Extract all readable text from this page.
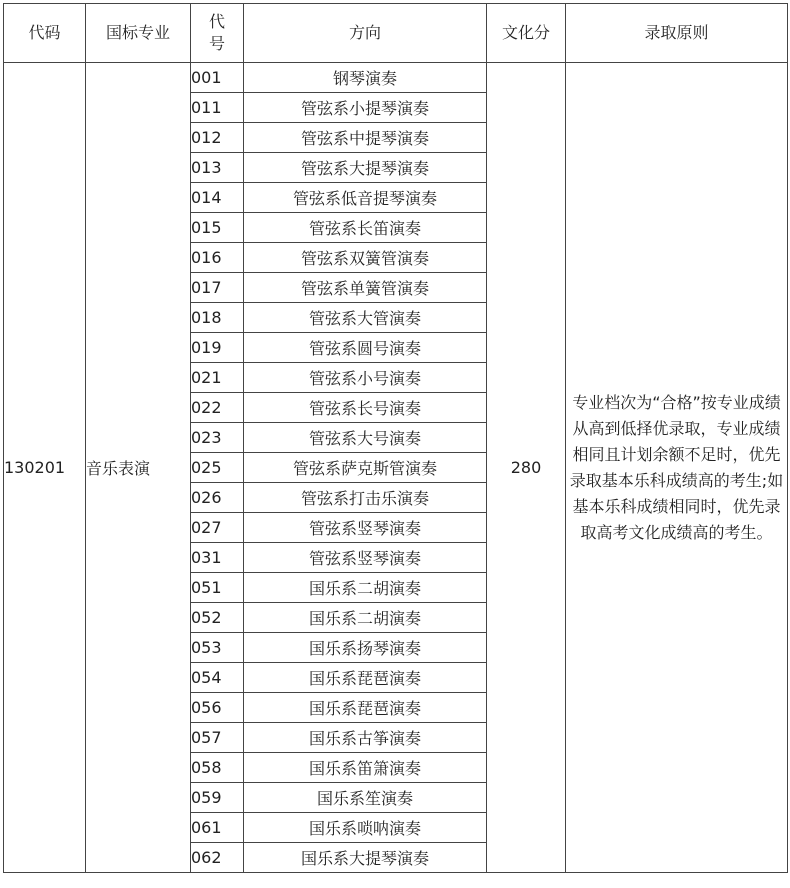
代码	国标专业	代号	方向	文化分	录取原则
130201	音乐表演	001	钢琴演奏	280	专业档次为“合格”按专业成绩从高到低择优录取，专业成绩相同且计划余额不足时，优先录取基本乐科成绩高的考生;如基本乐科成绩相同时，优先录取高考文化成绩高的考生。
		011	管弦系小提琴演奏		
		012	管弦系中提琴演奏		
		013	管弦系大提琴演奏		
		014	管弦系低音提琴演奏		
		015	管弦系长笛演奏		
		016	管弦系双簧管演奏		
		017	管弦系单簧管演奏		
		018	管弦系大管演奏		
		019	管弦系圆号演奏		
		021	管弦系小号演奏		
		022	管弦系长号演奏		
		023	管弦系大号演奏		
		025	管弦系萨克斯管演奏		
		026	管弦系打击乐演奏		
		027	管弦系竖琴演奏		
		031	管弦系竖琴演奏		
		051	国乐系二胡演奏		
		052	国乐系二胡演奏		
		053	国乐系扬琴演奏		
		054	国乐系琵琶演奏		
		056	国乐系琵琶演奏		
		057	国乐系古筝演奏		
		058	国乐系笛箫演奏		
		059	国乐系笙演奏		
		061	国乐系唢呐演奏		
		062	国乐系大提琴演奏		
